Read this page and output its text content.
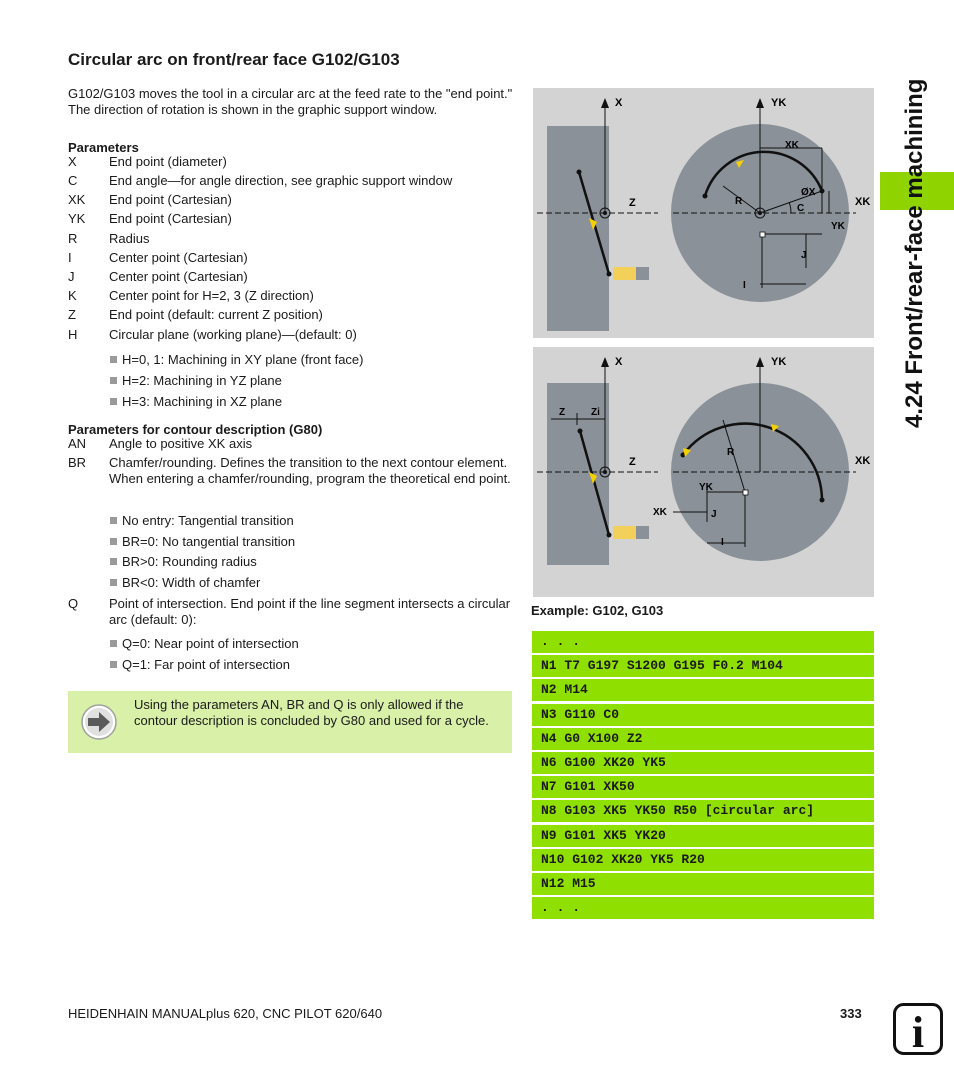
Circular arc on front/rear face G102/G103
G102/G103 moves the tool in a circular arc at the feed rate to the "end point." The direction of rotation is shown in the graphic support window.
Parameters
X End point (diameter)
C End angle—for angle direction, see graphic support window
XK End point (Cartesian)
YK End point (Cartesian)
R Radius
I	Center point (Cartesian)
J	Center point (Cartesian)
K Center point for H=2, 3 (Z direction)
Z	End point (default: current Z position)
H Circular plane (working plane)—(default: 0)
H=0, 1: Machining in XY plane (front face)
H=2: Machining in YZ plane
H=3: Machining in XZ plane
Parameters for contour description (G80)
AN Angle to positive XK axis
BR Chamfer/rounding. Defines the transition to the next contour element. When entering a chamfer/rounding, program the theoretical end point.
No entry: Tangential transition
BR=0: No tangential transition
BR>0: Rounding radius
BR<0: Width of chamfer
Q Point of intersection. End point if the line segment intersects a circular arc (default: 0):
Q=0: Near point of intersection
Q=1: Far point of intersection
Using the parameters AN, BR and Q is only allowed if the contour description is concluded by G80 and used for a cycle.
4.24 Front/rear-face machining
X
Z
YK
XK
XK
YK
R
C
ØX
J
I
X
Z
Z	Zi
YK
XK
R
YK
XK	J
I
Example: G102, G103
. . .
N1 T7 G197 S1200 G195 F0.2 M104
N2 M14
N3 G110 C0
N4 G0 X100 Z2
N6 G100 XK20 YK5
N7 G101 XK50
N8 G103 XK5 YK50 R50 [circular arc]
N9 G101 XK5 YK20
N10 G102 XK20 YK5 R20
N12 M15
. . .
HEIDENHAIN MANUALplus 620, CNC PILOT 620/640	333 i
